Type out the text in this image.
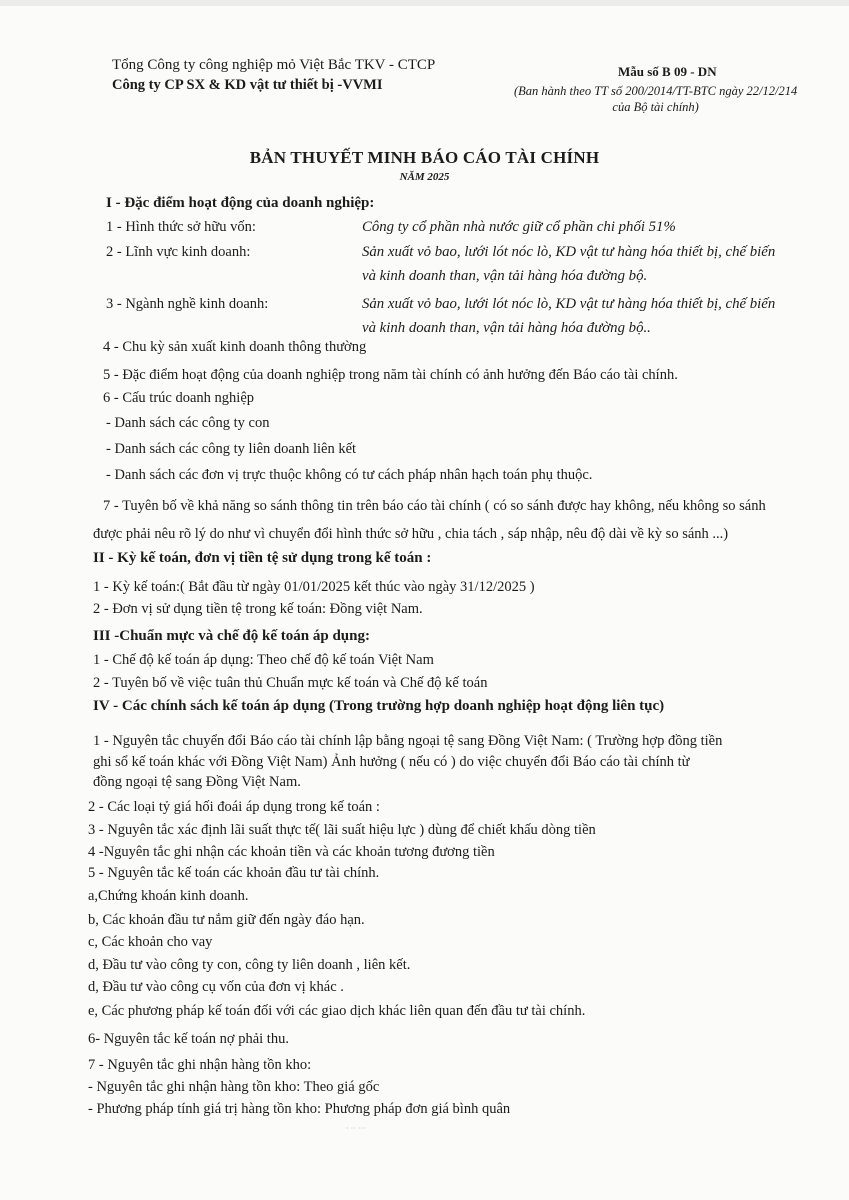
Tổng Công ty công nghiệp mỏ Việt Bắc TKV - CTCP
Công ty CP SX & KD vật tư thiết bị -VVMI
Mẫu số B 09 - DN
(Ban hành theo TT số 200/2014/TT-BTC ngày 22/12/214
của Bộ tài chính)
BẢN THUYẾT MINH BÁO CÁO TÀI CHÍNH
NĂM 2025
I - Đặc điểm hoạt động của doanh nghiệp:
1 - Hình thức sở hữu vốn:	Công ty cổ phần nhà nước giữ cổ phần chi phối 51%
2 - Lĩnh vực kinh doanh:	Sản xuất vỏ bao, lưới lót nóc lò, KD vật tư hàng hóa thiết bị, chế biến
và kinh doanh than, vận tải hàng hóa đường bộ.
3 - Ngành nghề kinh doanh:	Sản xuất vỏ bao, lưới lót nóc lò, KD vật tư hàng hóa thiết bị, chế biến
và kinh doanh than, vận tải hàng hóa đường bộ..
4 - Chu kỳ sản xuất kinh doanh thông thường
5 - Đặc điểm hoạt động của doanh nghiệp trong năm tài chính có ảnh hưởng đến Báo cáo tài chính.
6 - Cấu trúc doanh nghiệp
- Danh sách các công ty con
- Danh sách các công ty liên doanh liên kết
- Danh sách các đơn vị trực thuộc không có tư cách pháp nhân hạch toán phụ thuộc.
7 - Tuyên bố về khả năng so sánh thông tin trên báo cáo tài chính ( có so sánh được hay không, nếu không so sánh
được phải nêu rõ lý do như vì chuyển đổi hình thức sở hữu , chia tách , sáp nhập, nêu độ dài về kỳ so sánh ...)
II - Kỳ kế toán, đơn vị tiền tệ sử dụng trong kế toán :
1 - Kỳ kế toán:( Bắt đầu từ ngày 01/01/2025 kết thúc vào ngày 31/12/2025 )
2 - Đơn vị sử dụng tiền tệ trong kế toán: Đồng việt Nam.
III -Chuẩn mực và chế độ kế toán áp dụng:
1 - Chế độ kế toán áp dụng: Theo chế độ kế toán Việt Nam
2 - Tuyên bố về việc tuân thủ Chuẩn mực kế toán và Chế độ kế toán
IV - Các chính sách kế toán áp dụng (Trong trường hợp doanh nghiệp hoạt động liên tục)
1 - Nguyên tắc chuyển đổi Báo cáo tài chính lập bằng ngoại tệ sang Đồng Việt Nam: ( Trường hợp đồng tiền
ghi sổ kế toán khác với Đồng Việt Nam) Ảnh hưởng ( nếu có ) do việc chuyển đổi Báo cáo tài chính từ
đồng ngoại tệ sang Đồng Việt Nam.
2 - Các loại tỷ giá hối đoái áp dụng trong kế toán :
3 - Nguyên tắc xác định lãi suất thực tế( lãi suất hiệu lực ) dùng để chiết khấu dòng tiền
4 -Nguyên tắc ghi nhận các khoản tiền và các khoản tương đương tiền
5 - Nguyên tắc kế toán các khoản đầu tư tài chính.
a,Chứng khoán kinh doanh.
b, Các khoản đầu tư nắm giữ đến ngày đáo hạn.
c, Các khoản cho vay
d, Đầu tư vào công ty con, công ty liên doanh , liên kết.
d, Đầu tư vào công cụ vốn của đơn vị khác .
e, Các phương pháp kế toán đối với các giao dịch khác liên quan đến đầu tư tài chính.
6- Nguyên tắc kế toán nợ phải thu.
7 - Nguyên tắc ghi nhận hàng tồn kho:
- Nguyên tắc ghi nhận hàng tồn kho: Theo giá gốc
- Phương pháp tính giá trị hàng tồn kho: Phương pháp đơn giá bình quân
· ·· ···
